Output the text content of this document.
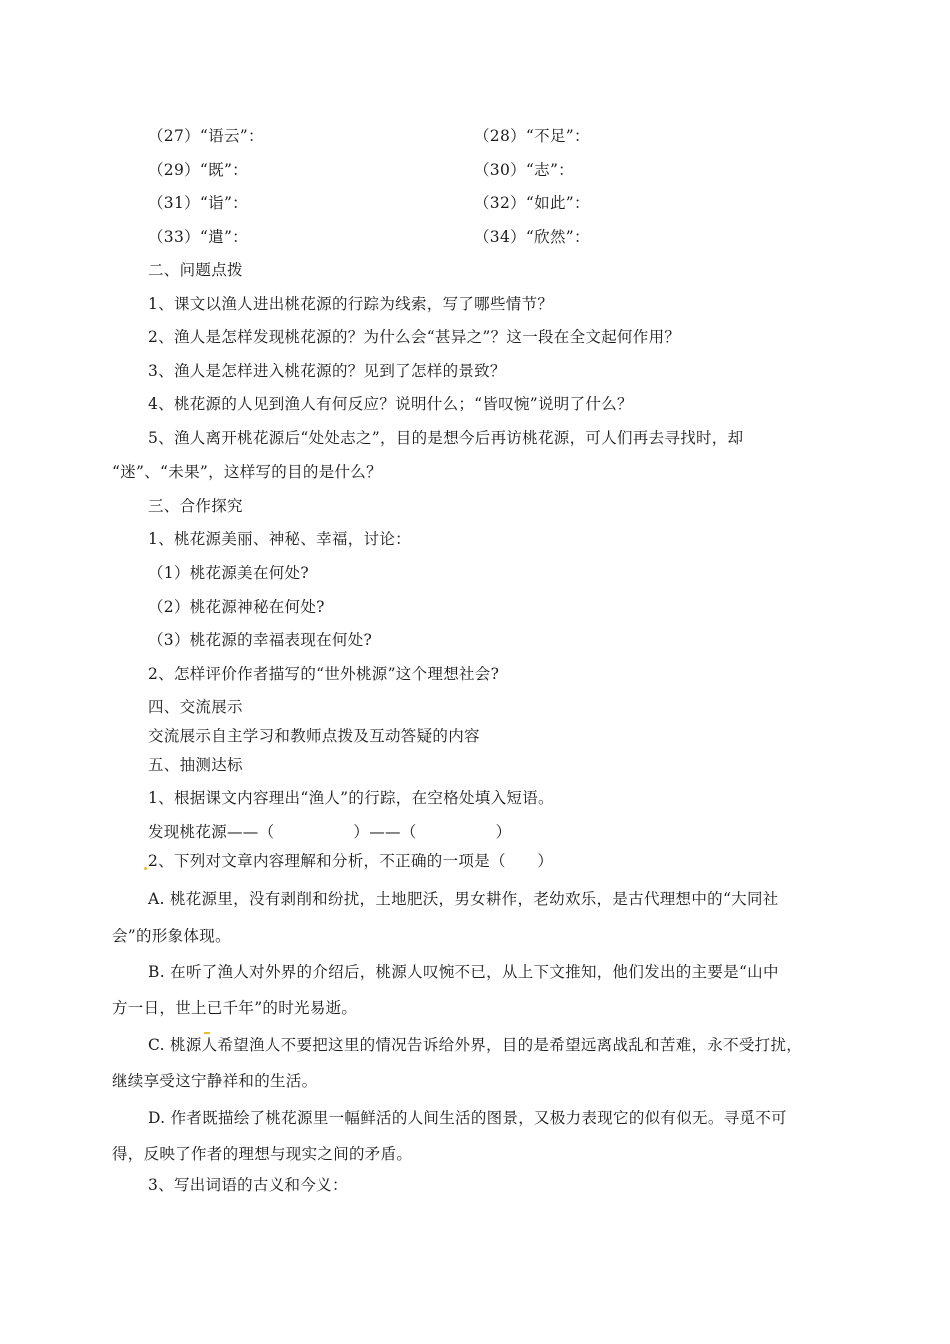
（27）“语云”：	（28）“不足”：
（29）“既”：	（30）“志”：
（31）“诣”：	（32）“如此”：
（33）“遣”：	（34）“欣然”：

二、问题点拨

1、课文以渔人进出桃花源的行踪为线索，写了哪些情节？

2、渔人是怎样发现桃花源的？为什么会“甚异之”？这一段在全文起何作用？

3、渔人是怎样进入桃花源的？见到了怎样的景致？

4、桃花源的人见到渔人有何反应？说明什么；“皆叹惋”说明了什么？

5、渔人离开桃花源后“处处志之”，目的是想今后再访桃花源，可人们再去寻找时，却

“迷”、“未果”，这样写的目的是什么？

三、合作探究

1、桃花源美丽、神秘、幸福，讨论：

（1）桃花源美在何处?

（2）桃花源神秘在何处?

（3）桃花源的幸福表现在何处?

2、怎样评价作者描写的“世外桃源”这个理想社会?

四、交流展示

交流展示自主学习和教师点拨及互动答疑的内容

五、抽测达标

1、根据课文内容理出“渔人”的行踪，在空格处填入短语。

发现桃花源——（　　　　　）——（　　　　　）

2、下列对文章内容理解和分析，不正确的一项是（　　）

A. 桃花源里，没有剥削和纷扰，土地肥沃，男女耕作，老幼欢乐，是古代理想中的“大同社

会”的形象体现。

B. 在听了渔人对外界的介绍后，桃源人叹惋不已，从上下文推知，他们发出的主要是“山中

方一日，世上已千年”的时光易逝。

C. 桃源人希望渔人不要把这里的情况告诉给外界，目的是希望远离战乱和苦难，永不受打扰，

继续享受这宁静祥和的生活。

D. 作者既描绘了桃花源里一幅鲜活的人间生活的图景，又极力表现它的似有似无。寻觅不可

得，反映了作者的理想与现实之间的矛盾。

3、写出词语的古义和今义：
